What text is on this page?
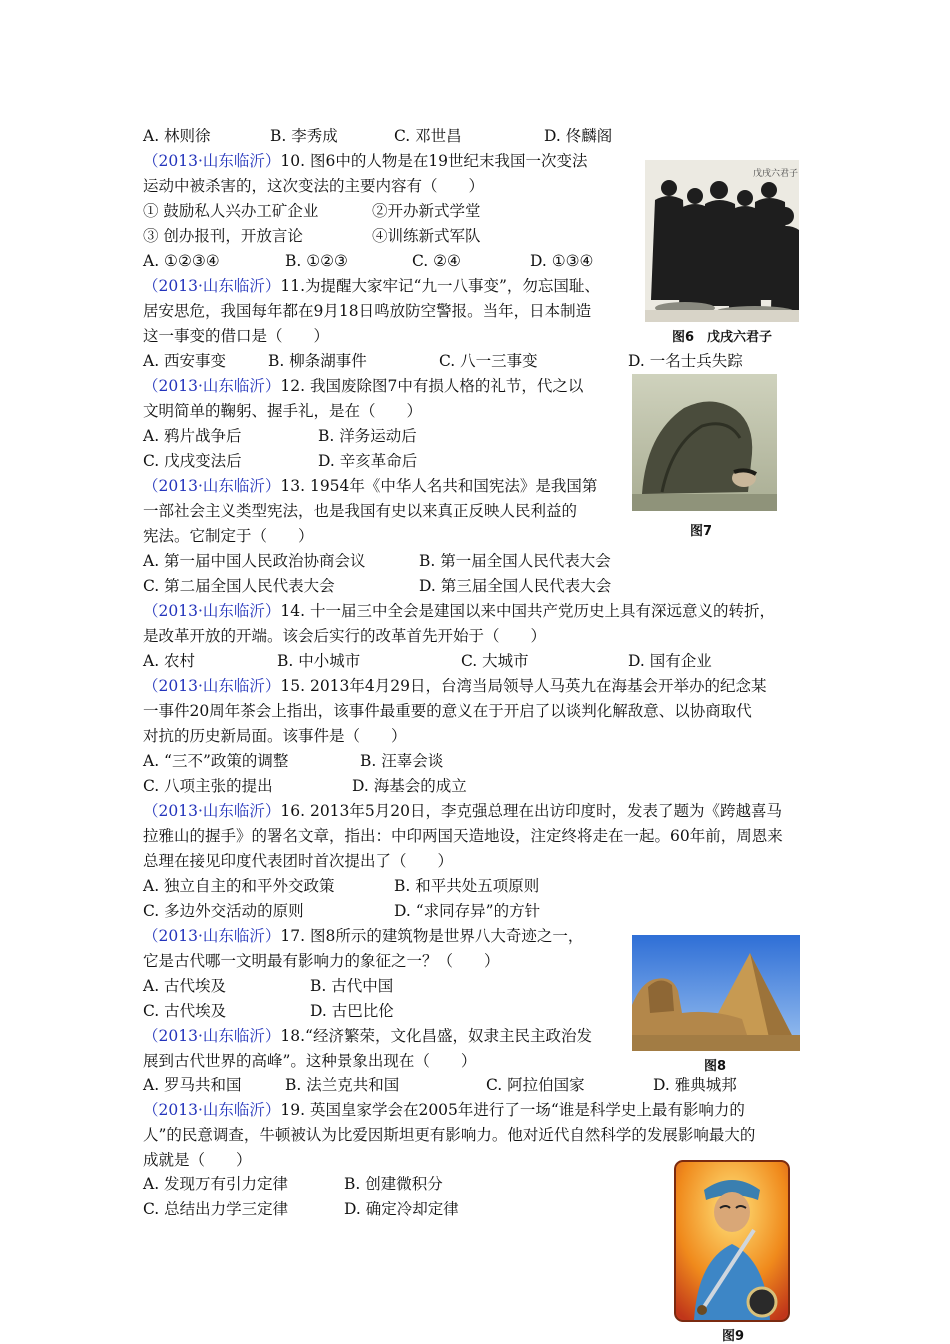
A. 林则徐	B. 李秀成	C. 邓世昌	D. 佟麟阁
（2013·山东临沂）10. 图6中的人物是在19世纪末我国一次变法
运动中被杀害的，这次变法的主要内容有（　　）
① 鼓励私人兴办工矿企业	②开办新式学堂
③ 创办报刊，开放言论	④训练新式军队
A. ①②③④	B. ①②③	C. ②④	D. ①③④
戊戌六君子
图6　戊戌六君子
（2013·山东临沂）11.为提醒大家牢记“九一八事变”，勿忘国耻、
居安思危，我国每年都在9月18日鸣放防空警报。当年，日本制造
这一事变的借口是（　　）
A. 西安事变	B. 柳条湖事件	C. 八一三事变	D. 一名士兵失踪
（2013·山东临沂）12. 我国废除图7中有损人格的礼节，代之以
文明简单的鞠躬、握手礼，是在（　　）
A. 鸦片战争后	B. 洋务运动后
C. 戊戌变法后	D. 辛亥革命后
图7
（2013·山东临沂）13. 1954年《中华人名共和国宪法》是我国第
一部社会主义类型宪法，也是我国有史以来真正反映人民利益的
宪法。它制定于（　　）
A. 第一届中国人民政治协商会议	B. 第一届全国人民代表大会
C. 第二届全国人民代表大会	D. 第三届全国人民代表大会
（2013·山东临沂）14. 十一届三中全会是建国以来中国共产党历史上具有深远意义的转折，
是改革开放的开端。该会后实行的改革首先开始于（　　）
A. 农村	B. 中小城市	C. 大城市	D. 国有企业
（2013·山东临沂）15. 2013年4月29日，台湾当局领导人马英九在海基会开举办的纪念某
一事件20周年茶会上指出，该事件最重要的意义在于开启了以谈判化解敌意、以协商取代
对抗的历史新局面。该事件是（　　）
A. “三不”政策的调整	B. 汪辜会谈
C. 八项主张的提出	D. 海基会的成立
（2013·山东临沂）16. 2013年5月20日，李克强总理在出访印度时，发表了题为《跨越喜马
拉雅山的握手》的署名文章，指出：中印两国天造地设，注定终将走在一起。60年前，周恩来
总理在接见印度代表团时首次提出了（　　）
A. 独立自主的和平外交政策	B. 和平共处五项原则
C. 多边外交活动的原则	D. “求同存异”的方针
（2013·山东临沂）17. 图8所示的建筑物是世界八大奇迹之一，
它是古代哪一文明最有影响力的象征之一？（　　）
A. 古代埃及	B. 古代中国
C. 古代埃及	D. 古巴比伦
图8
（2013·山东临沂）18.“经济繁荣，文化昌盛，奴隶主民主政治发
展到古代世界的高峰”。这种景象出现在（　　）
A. 罗马共和国	B. 法兰克共和国	C. 阿拉伯国家	D. 雅典城邦
（2013·山东临沂）19. 英国皇家学会在2005年进行了一场“谁是科学史上最有影响力的
人”的民意调查，牛顿被认为比爱因斯坦更有影响力。他对近代自然科学的发展影响最大的
成就是（　　）
A. 发现万有引力定律	B. 创建微积分
C. 总结出力学三定律	D. 确定冷却定律
图9
